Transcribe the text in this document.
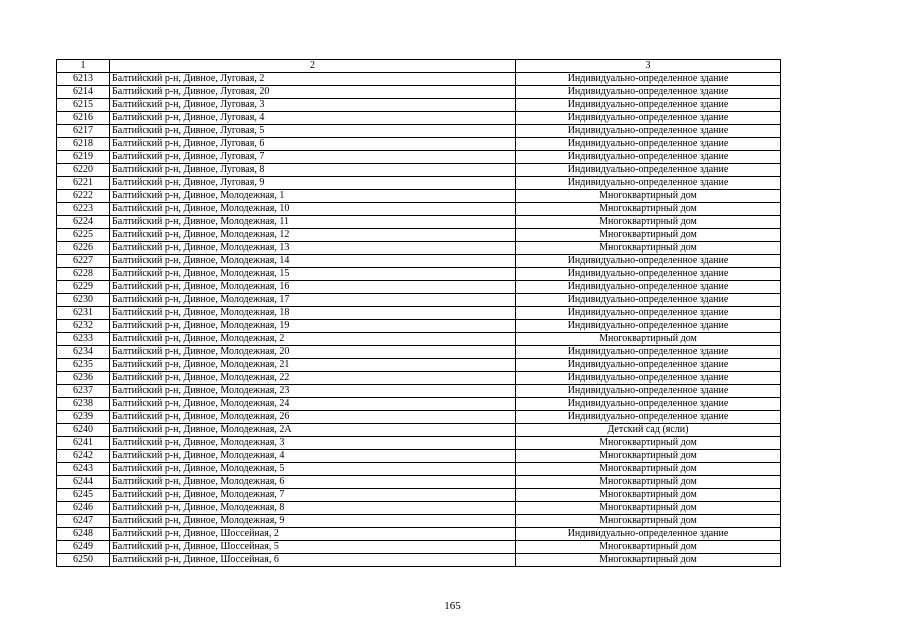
1	2	3
6213	Балтийский р-н, Дивное, Луговая, 2	Индивидуально-определенное здание
6214	Балтийский р-н, Дивное, Луговая, 20	Индивидуально-определенное здание
6215	Балтийский р-н, Дивное, Луговая, 3	Индивидуально-определенное здание
6216	Балтийский р-н, Дивное, Луговая, 4	Индивидуально-определенное здание
6217	Балтийский р-н, Дивное, Луговая, 5	Индивидуально-определенное здание
6218	Балтийский р-н, Дивное, Луговая, 6	Индивидуально-определенное здание
6219	Балтийский р-н, Дивное, Луговая, 7	Индивидуально-определенное здание
6220	Балтийский р-н, Дивное, Луговая, 8	Индивидуально-определенное здание
6221	Балтийский р-н, Дивное, Луговая, 9	Индивидуально-определенное здание
6222	Балтийский р-н, Дивное, Молодежная, 1	Многоквартирный дом
6223	Балтийский р-н, Дивное, Молодежная, 10	Многоквартирный дом
6224	Балтийский р-н, Дивное, Молодежная, 11	Многоквартирный дом
6225	Балтийский р-н, Дивное, Молодежная, 12	Многоквартирный дом
6226	Балтийский р-н, Дивное, Молодежная, 13	Многоквартирный дом
6227	Балтийский р-н, Дивное, Молодежная, 14	Индивидуально-определенное здание
6228	Балтийский р-н, Дивное, Молодежная, 15	Индивидуально-определенное здание
6229	Балтийский р-н, Дивное, Молодежная, 16	Индивидуально-определенное здание
6230	Балтийский р-н, Дивное, Молодежная, 17	Индивидуально-определенное здание
6231	Балтийский р-н, Дивное, Молодежная, 18	Индивидуально-определенное здание
6232	Балтийский р-н, Дивное, Молодежная, 19	Индивидуально-определенное здание
6233	Балтийский р-н, Дивное, Молодежная, 2	Многоквартирный дом
6234	Балтийский р-н, Дивное, Молодежная, 20	Индивидуально-определенное здание
6235	Балтийский р-н, Дивное, Молодежная, 21	Индивидуально-определенное здание
6236	Балтийский р-н, Дивное, Молодежная, 22	Индивидуально-определенное здание
6237	Балтийский р-н, Дивное, Молодежная, 23	Индивидуально-определенное здание
6238	Балтийский р-н, Дивное, Молодежная, 24	Индивидуально-определенное здание
6239	Балтийский р-н, Дивное, Молодежная, 26	Индивидуально-определенное здание
6240	Балтийский р-н, Дивное, Молодежная, 2А	Детский сад (ясли)
6241	Балтийский р-н, Дивное, Молодежная, 3	Многоквартирный дом
6242	Балтийский р-н, Дивное, Молодежная, 4	Многоквартирный дом
6243	Балтийский р-н, Дивное, Молодежная, 5	Многоквартирный дом
6244	Балтийский р-н, Дивное, Молодежная, 6	Многоквартирный дом
6245	Балтийский р-н, Дивное, Молодежная, 7	Многоквартирный дом
6246	Балтийский р-н, Дивное, Молодежная, 8	Многоквартирный дом
6247	Балтийский р-н, Дивное, Молодежная, 9	Многоквартирный дом
6248	Балтийский р-н, Дивное, Шоссейная, 2	Индивидуально-определенное здание
6249	Балтийский р-н, Дивное, Шоссейная, 5	Многоквартирный дом
6250	Балтийский р-н, Дивное, Шоссейная, 6	Многоквартирный дом
165
